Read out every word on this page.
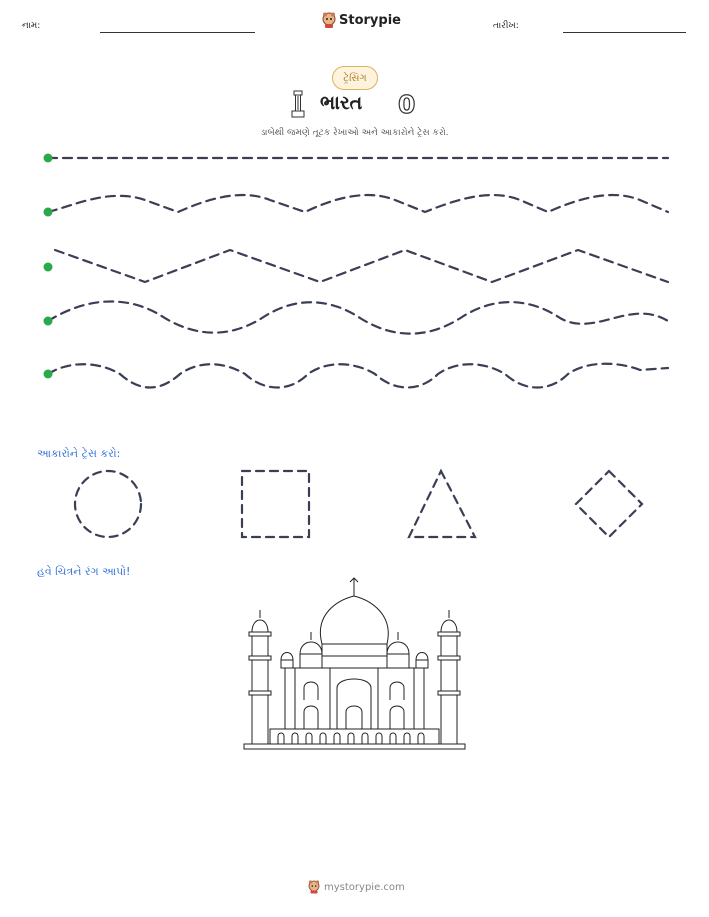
નામ:	Storypie	તારીખ:
ટ્રેસિંગ
ભારત 0
ડાબેથી જમણે તૂટક રેખાઓ અને આકારોને ટ્રેસ કરો.
આકારોને ટ્રેસ કરો:
હવે ચિત્રને રંગ આપો!
mystorypie.com
